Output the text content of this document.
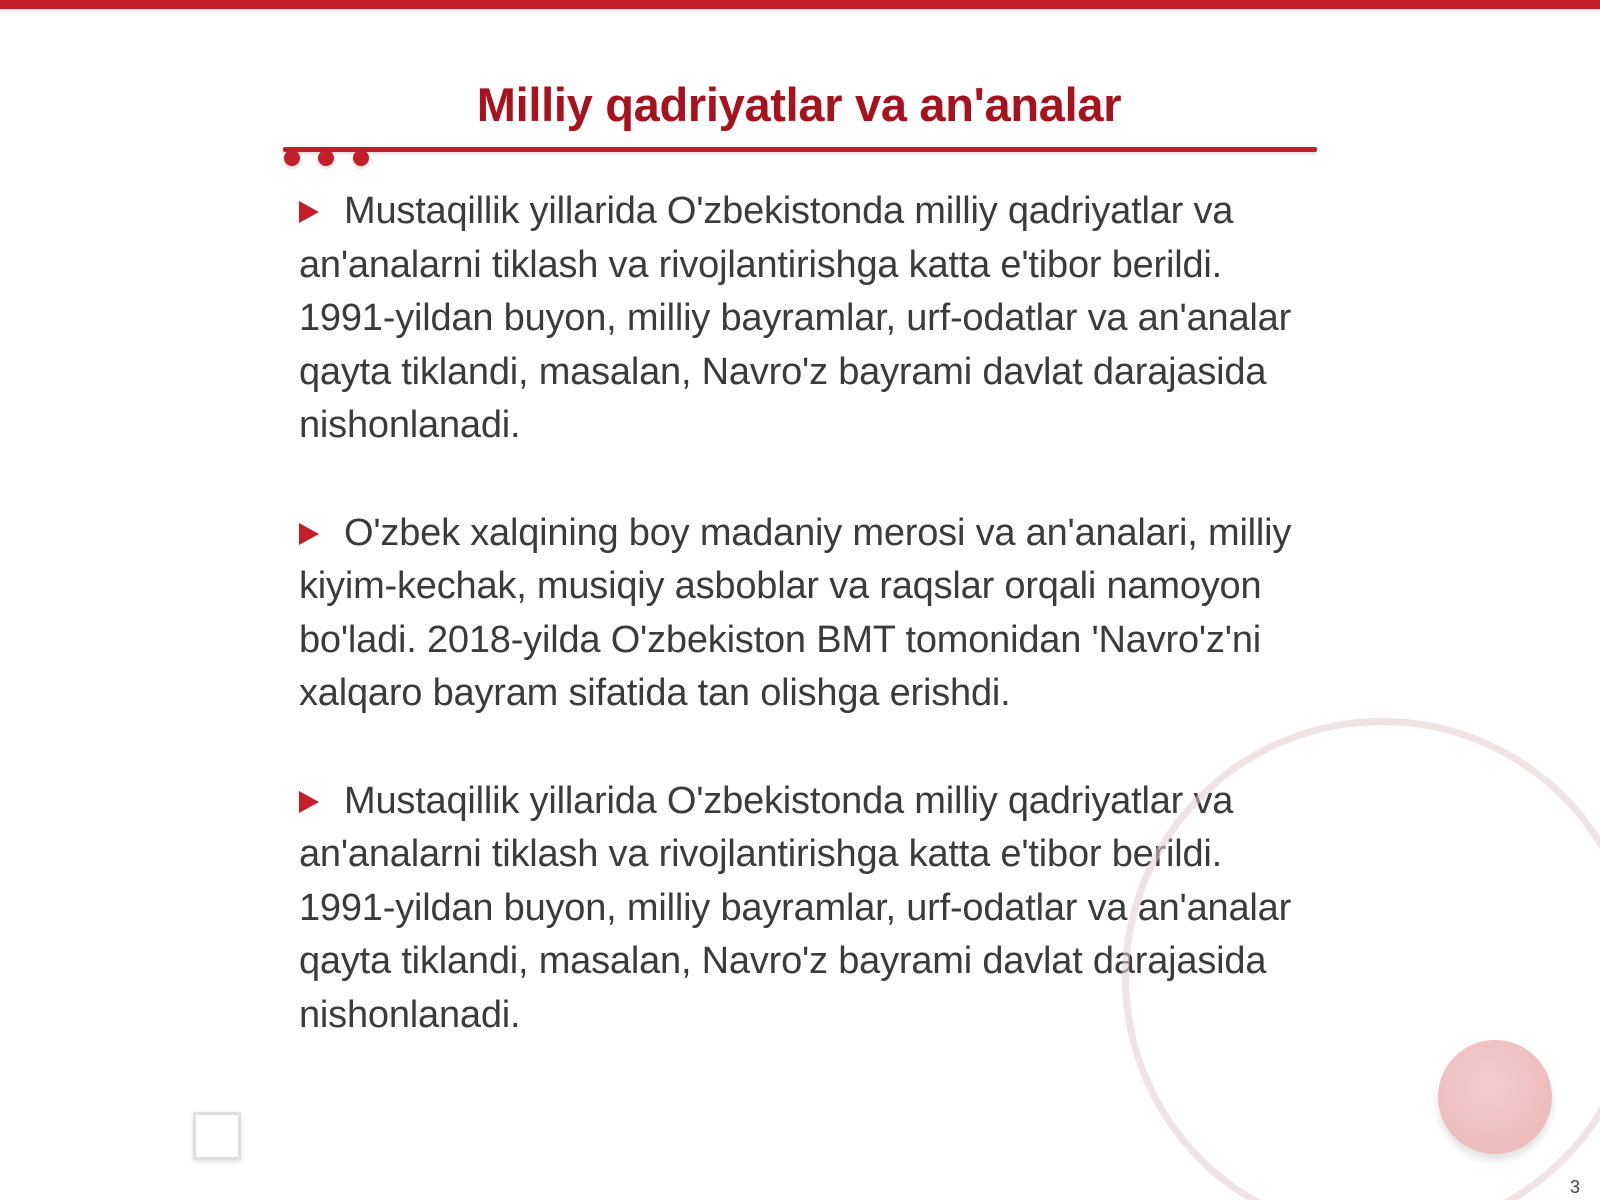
Milliy qadriyatlar va an'analar

Mustaqillik yillarida O'zbekistonda milliy qadriyatlar va an'analarni tiklash va rivojlantirishga katta e'tibor berildi. 1991-yildan buyon, milliy bayramlar, urf-odatlar va an'analar qayta tiklandi, masalan, Navro'z bayrami davlat darajasida nishonlanadi.

O'zbek xalqining boy madaniy merosi va an'analari, milliy kiyim-kechak, musiqiy asboblar va raqslar orqali namoyon bo'ladi. 2018-yilda O'zbekiston BMT tomonidan 'Navro'z'ni xalqaro bayram sifatida tan olishga erishdi.

Mustaqillik yillarida O'zbekistonda milliy qadriyatlar va an'analarni tiklash va rivojlantirishga katta e'tibor berildi. 1991-yildan buyon, milliy bayramlar, urf-odatlar va an'analar qayta tiklandi, masalan, Navro'z bayrami davlat darajasida nishonlanadi.

3
